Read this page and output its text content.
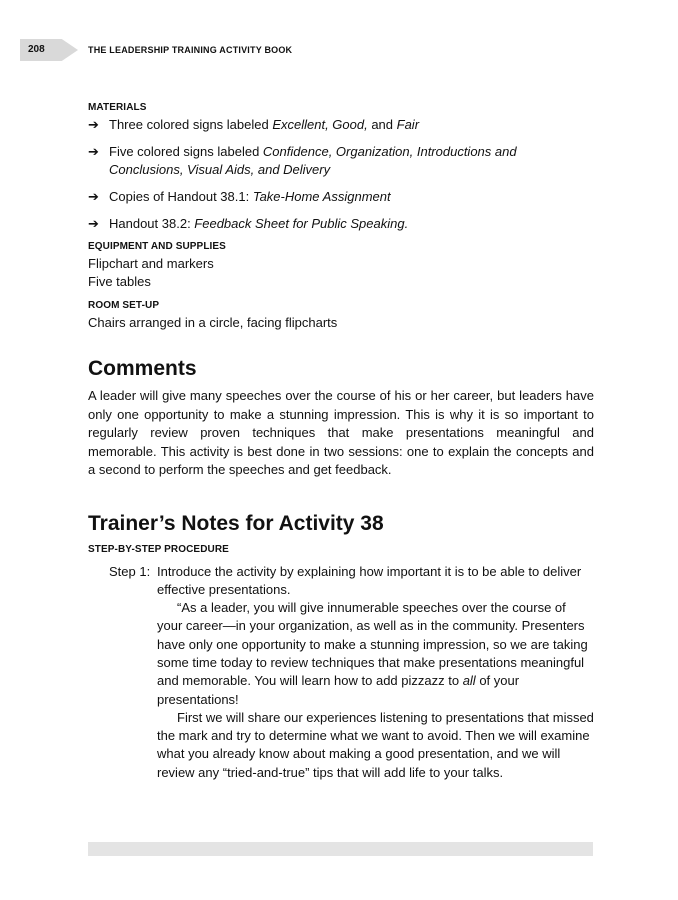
208	THE LEADERSHIP TRAINING ACTIVITY BOOK
MATERIALS
➔ Three colored signs labeled Excellent, Good, and Fair
➔ Five colored signs labeled Confidence, Organization, Introductions and Conclusions, Visual Aids, and Delivery
➔ Copies of Handout 38.1: Take-Home Assignment
➔ Handout 38.2: Feedback Sheet for Public Speaking.
EQUIPMENT AND SUPPLIES
Flipchart and markers
Five tables
ROOM SET-UP
Chairs arranged in a circle, facing flipcharts
Comments

A leader will give many speeches over the course of his or her career, but leaders have only one opportunity to make a stunning impression. This is why it is so important to regularly review proven techniques that make presentations meaningful and memorable. This activity is best done in two sessions: one to explain the concepts and a second to perform the speeches and get feedback.

Trainer’s Notes for Activity 38
STEP-BY-STEP PROCEDURE
Step 1: Introduce the activity by explaining how important it is to be able to deliver effective presentations.
“As a leader, you will give innumerable speeches over the course of your career—in your organization, as well as in the community. Presenters have only one opportunity to make a stunning impression, so we are taking some time today to review techniques that make presentations meaningful and memorable. You will learn how to add pizzazz to all of your presentations!
First we will share our experiences listening to presentations that missed the mark and try to determine what we want to avoid. Then we will examine what you already know about making a good presentation, and we will review any “tried-and-true” tips that will add life to your talks.
